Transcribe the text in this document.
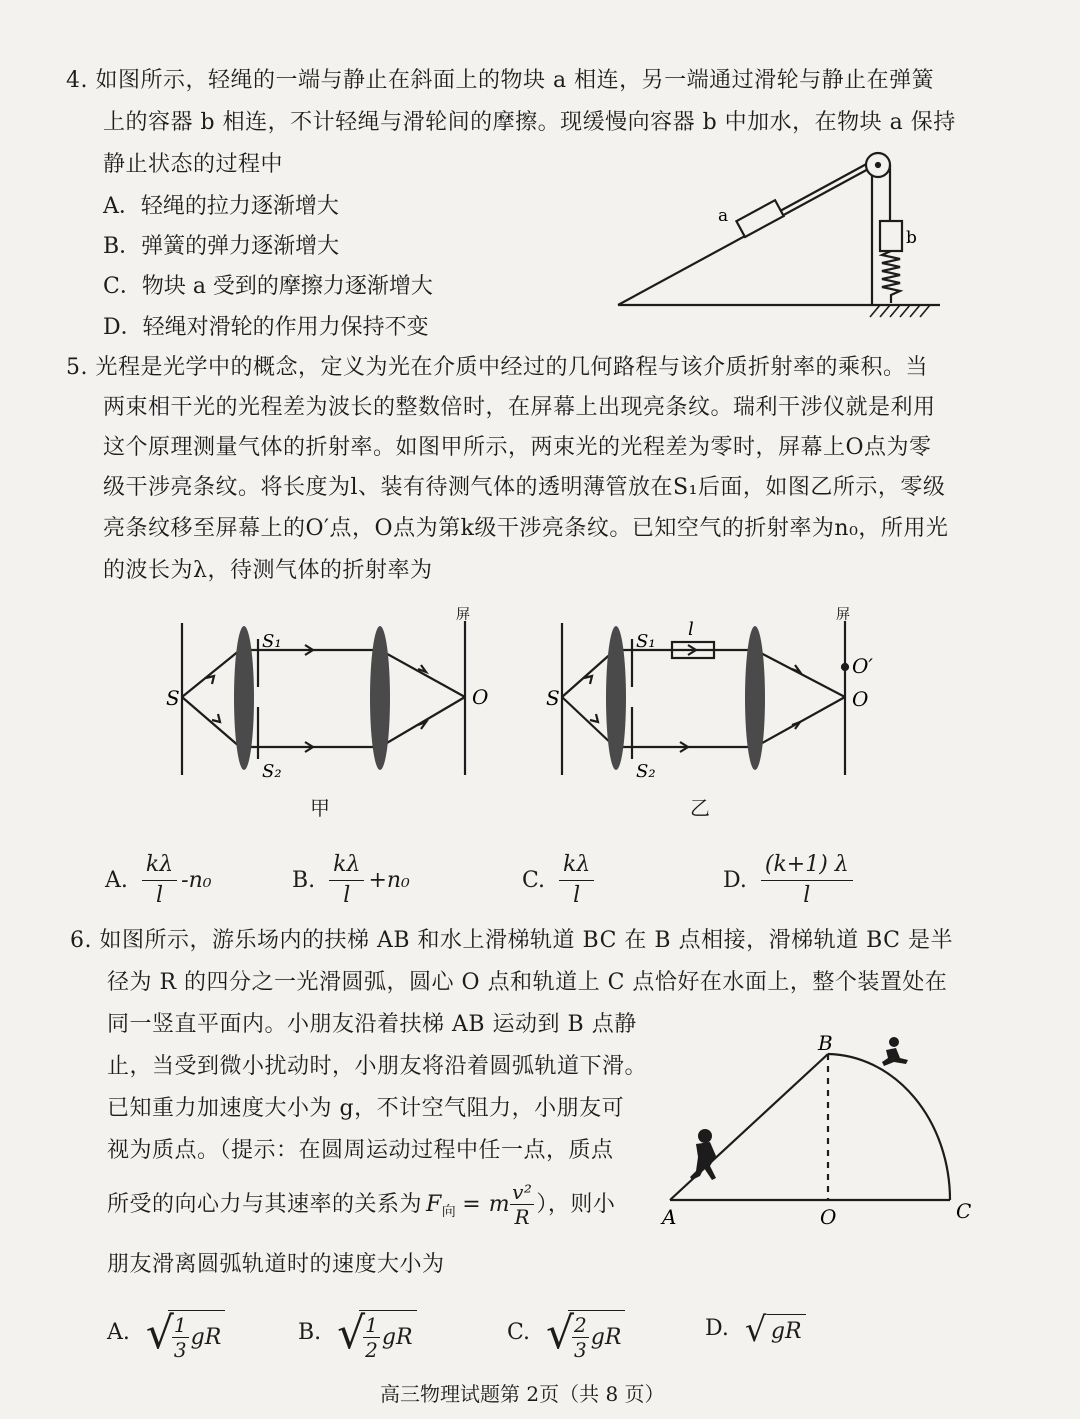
4. 如图所示，轻绳的一端与静止在斜面上的物块 a 相连，另一端通过滑轮与静止在弹簧
上的容器 b 相连，不计轻绳与滑轮间的摩擦。现缓慢向容器 b 中加水，在物块 a 保持
静止状态的过程中
A．轻绳的拉力逐渐增大
B．弹簧的弹力逐渐增大
C．物块 a 受到的摩擦力逐渐增大
D．轻绳对滑轮的作用力保持不变
a
b
5. 光程是光学中的概念，定义为光在介质中经过的几何路程与该介质折射率的乘积。当
两束相干光的光程差为波长的整数倍时，在屏幕上出现亮条纹。瑞利干涉仪就是利用
这个原理测量气体的折射率。如图甲所示，两束光的光程差为零时，屏幕上O点为零
级干涉亮条纹。将长度为l、装有待测气体的透明薄管放在S₁后面，如图乙所示，零级
亮条纹移至屏幕上的O′点，O点为第k级干涉亮条纹。已知空气的折射率为n₀，所用光
的波长为λ，待测气体的折射率为
S
S₁
S₂
O
屏
甲
S
S₁
S₂
l
O′
O
屏
乙
A. $\frac{k\lambda}{l} -n_0$	B. $\frac{k\lambda}{l} +n_0$	C. $\frac{k\lambda}{l}$	D. $\frac{(k+1) \lambda}{l}$
6. 如图所示，游乐场内的扶梯 AB 和水上滑梯轨道 BC 在 B 点相接，滑梯轨道 BC 是半
径为 R 的四分之一光滑圆弧，圆心 O 点和轨道上 C 点恰好在水面上，整个装置处在
同一竖直平面内。小朋友沿着扶梯 AB 运动到 B 点静
止，当受到微小扰动时，小朋友将沿着圆弧轨道下滑。
已知重力加速度大小为 g，不计空气阻力，小朋友可
视为质点。（提示：在圆周运动过程中任一点，质点
所受的向心力与其速率的关系为 F 向 = m $\frac{\text{v²}}{R}$ ），则小
朋友滑离圆弧轨道时的速度大小为
A
B
O	C
A. √
$\frac{1}{3}$ gR	B. √
$\frac{1}{2}$ gR	C. √
$\frac{2}{3}$ gR	D. √ gR
高三物理试题第 2页（共 8 页）
